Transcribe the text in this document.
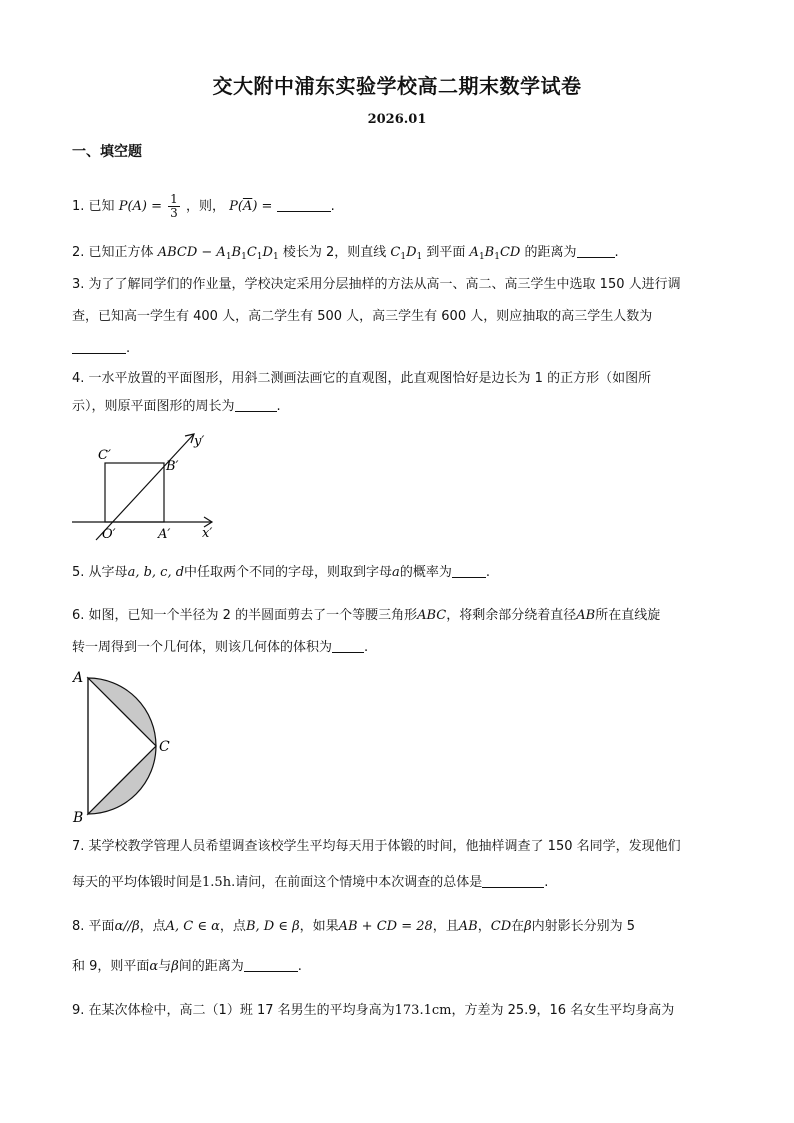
交大附中浦东实验学校高二期末数学试卷
2026.01
一、填空题
1. 已知 $P(A) = \frac{1}{3}$ ，则， $P(\overline{A})$ =	.
2. 已知正方体 ABCD − $A_1B_1C_1D_1$ 棱长为 2，则直线 $C_1D_1$ 到平面 $A_1B_1CD$ 的距离为	.
3. 为了了解同学们的作业量，学校决定采用分层抽样的方法从高一、高二、高三学生中选取 150 人进行调
查，已知高一学生有 400 人，高二学生有 500 人，高三学生有 600 人，则应抽取的高三学生人数为
.
4. 一水平放置的平面图形，用斜二测画法画它的直观图，此直观图恰好是边长为 1 的正方形（如图所
示），则原平面图形的周长为	.
C′
B′
O′	A′ x′
y′
5. 从字母a, b, c, d中任取两个不同的字母，则取到字母a的概率为	.
6. 如图，已知一个半径为 2 的半圆面剪去了一个等腰三角形ABC，将剩余部分绕着直径AB所在直线旋
转一周得到一个几何体，则该几何体的体积为 .
A
B
C
7. 某学校教学管理人员希望调查该校学生平均每天用于体锻的时间，他抽样调查了 150 名同学，发现他们
每天的平均体锻时间是1.5h.请问，在前面这个情境中本次调查的总体是	.
8. 平面α//β，点A, C ∈ α，点B, D ∈ β，如果AB + CD = 28，且AB，CD在β内射影长分别为 5
和 9，则平面α与β间的距离为	.
9. 在某次体检中，高二（1）班 17 名男生的平均身高为173.1cm，方差为 25.9，16 名女生平均身高为
